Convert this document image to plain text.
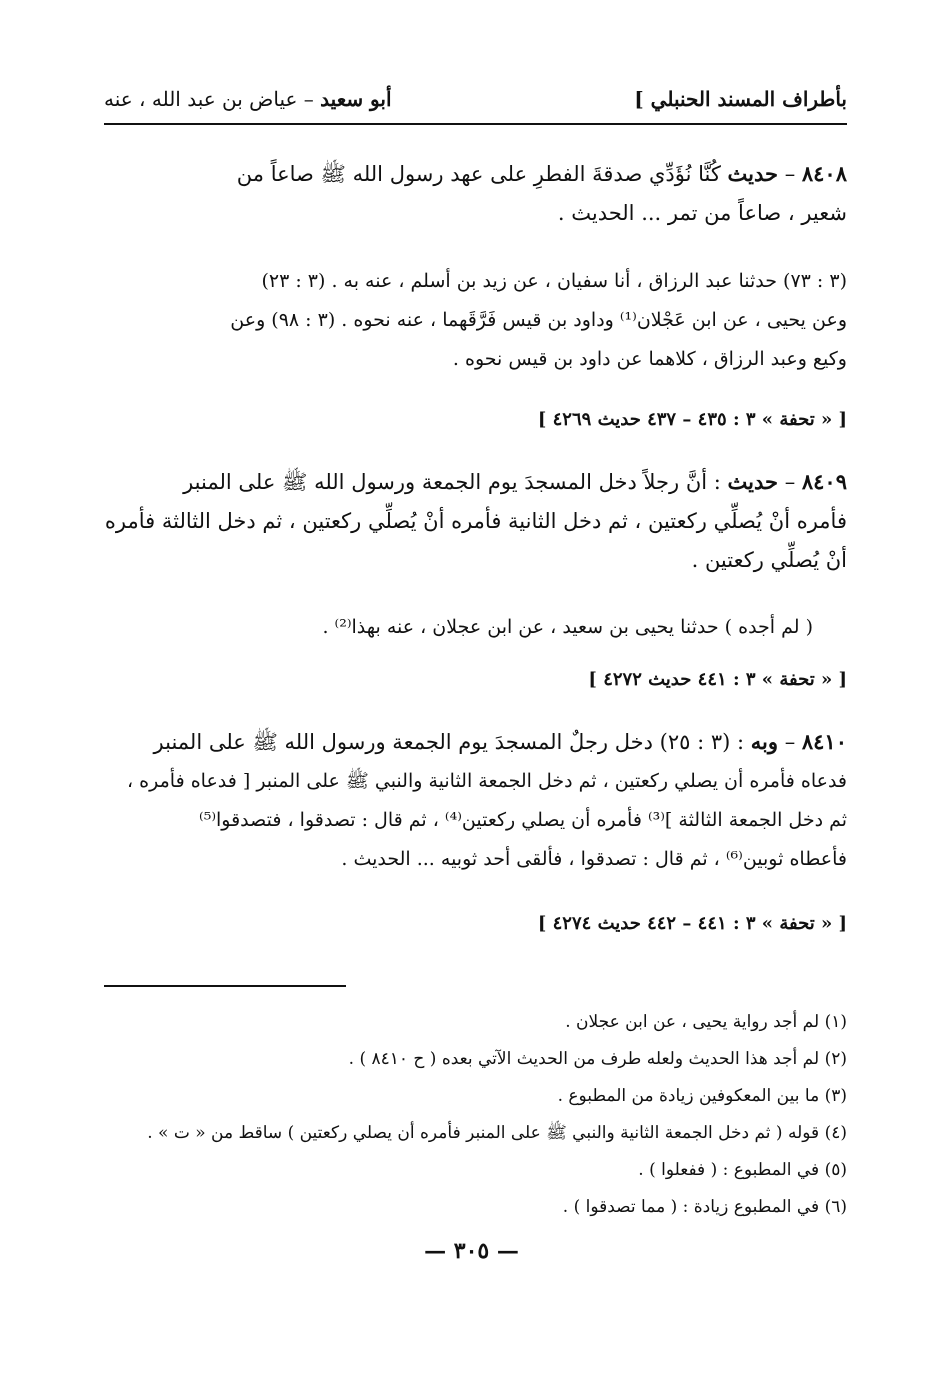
بأطراف المسند الحنبلي ]
أبو سعيد – عياض بن عبد الله ، عنه
٨٤٠٨ – حديث كُنَّا نُؤَدِّي صدقةَ الفطرِ على عهد رسول الله ﷺ صاعاً من
شعير ، صاعاً من تمر ... الحديث .
(٣ : ٧٣) حدثنا عبد الرزاق ، أنا سفيان ، عن زيد بن أسلم ، عنه به . (٣ : ٢٣)
وعن يحيى ، عن ابن عَجْلان⁽¹⁾ وداود بن قيس فَرَّقَهما ، عنه نحوه . (٣ : ٩٨) وعن
وكيع وعبد الرزاق ، كلاهما عن داود بن قيس نحوه .
[ « تحفة » ٣ : ٤٣٥ – ٤٣٧ حديث ٤٢٦٩ ]
٨٤٠٩ – حديث : أنَّ رجلاً دخل المسجدَ يوم الجمعة ورسول الله ﷺ على المنبر
فأمره أنْ يُصلِّي ركعتين ، ثم دخل الثانية فأمره أنْ يُصلِّي ركعتين ، ثم دخل الثالثة فأمره
أنْ يُصلِّي ركعتين .
( لم أجده ) حدثنا يحيى بن سعيد ، عن ابن عجلان ، عنه بهذا⁽²⁾ .
[ « تحفة » ٣ : ٤٤١ حديث ٤٢٧٢ ]
٨٤١٠ – وبه : (٣ : ٢٥) دخل رجلٌ المسجدَ يوم الجمعة ورسول الله ﷺ على المنبر
فدعاه فأمره أن يصلي ركعتين ، ثم دخل الجمعة الثانية والنبي ﷺ على المنبر [ فدعاه فأمره ،
ثم دخل الجمعة الثالثة ]⁽³⁾ فأمره أن يصلي ركعتين⁽⁴⁾ ، ثم قال : تصدقوا ، فتصدقوا⁽⁵⁾
فأعطاه ثوبين⁽⁶⁾ ، ثم قال : تصدقوا ، فألقى أحد ثوبيه ... الحديث .
[ « تحفة » ٣ : ٤٤١ – ٤٤٢ حديث ٤٢٧٤ ]
(١) لم أجد رواية يحيى ، عن ابن عجلان .
(٢) لم أجد هذا الحديث ولعله طرف من الحديث الآتي بعده ( ح ٨٤١٠ ) .
(٣) ما بين المعكوفين زيادة من المطبوع .
(٤) قوله ( ثم دخل الجمعة الثانية والنبي ﷺ على المنبر فأمره أن يصلي ركعتين ) ساقط من « ت » .
(٥) في المطبوع : ( ففعلوا ) .
(٦) في المطبوع زيادة : ( مما تصدقوا ) .
— ٣٠٥ —
